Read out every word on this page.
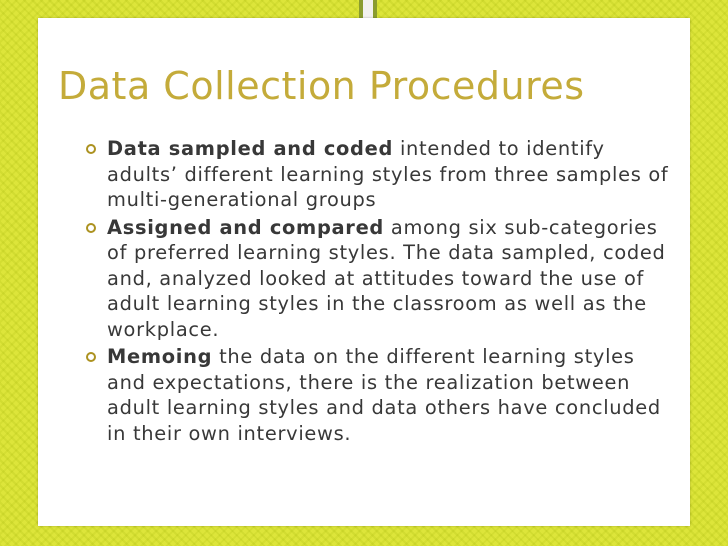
Data Collection Procedures
Data sampled and coded intended to identify adults’ different learning styles from three samples of multi-generational groups
Assigned and compared among six sub-categories of preferred learning styles. The data sampled, coded and, analyzed looked at attitudes toward the use of adult learning styles in the classroom as well as the workplace.
Memoing the data on the different learning styles and expectations, there is the realization between adult learning styles and data others have concluded in their own interviews.
